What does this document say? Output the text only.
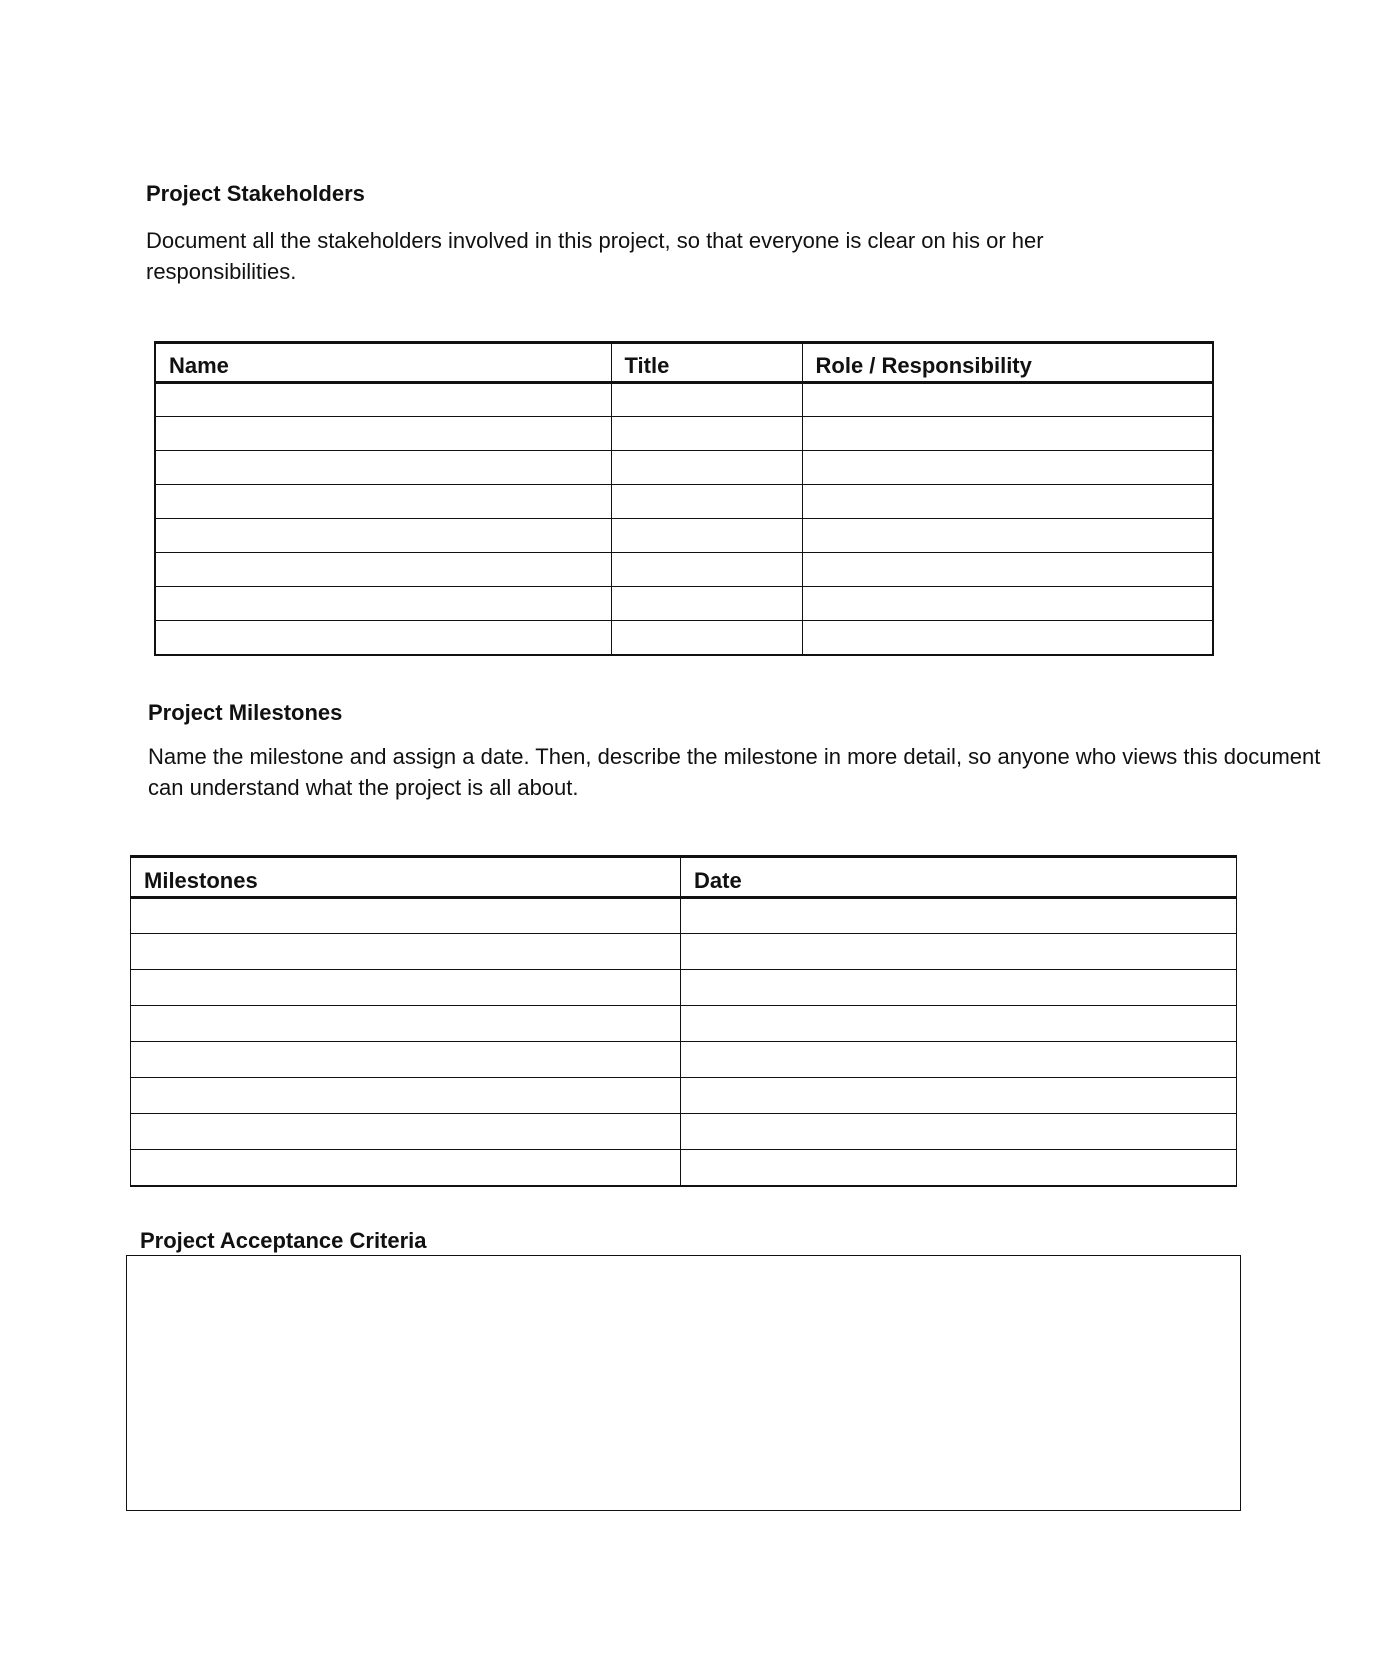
Project Stakeholders

Document all the stakeholders involved in this project, so that everyone is clear on his or her responsibilities.

Name	Title	Role / Responsibility

Project Milestones

Name the milestone and assign a date. Then, describe the milestone in more detail, so anyone who views this document can understand what the project is all about.

Milestones	Date

Project Acceptance Criteria
